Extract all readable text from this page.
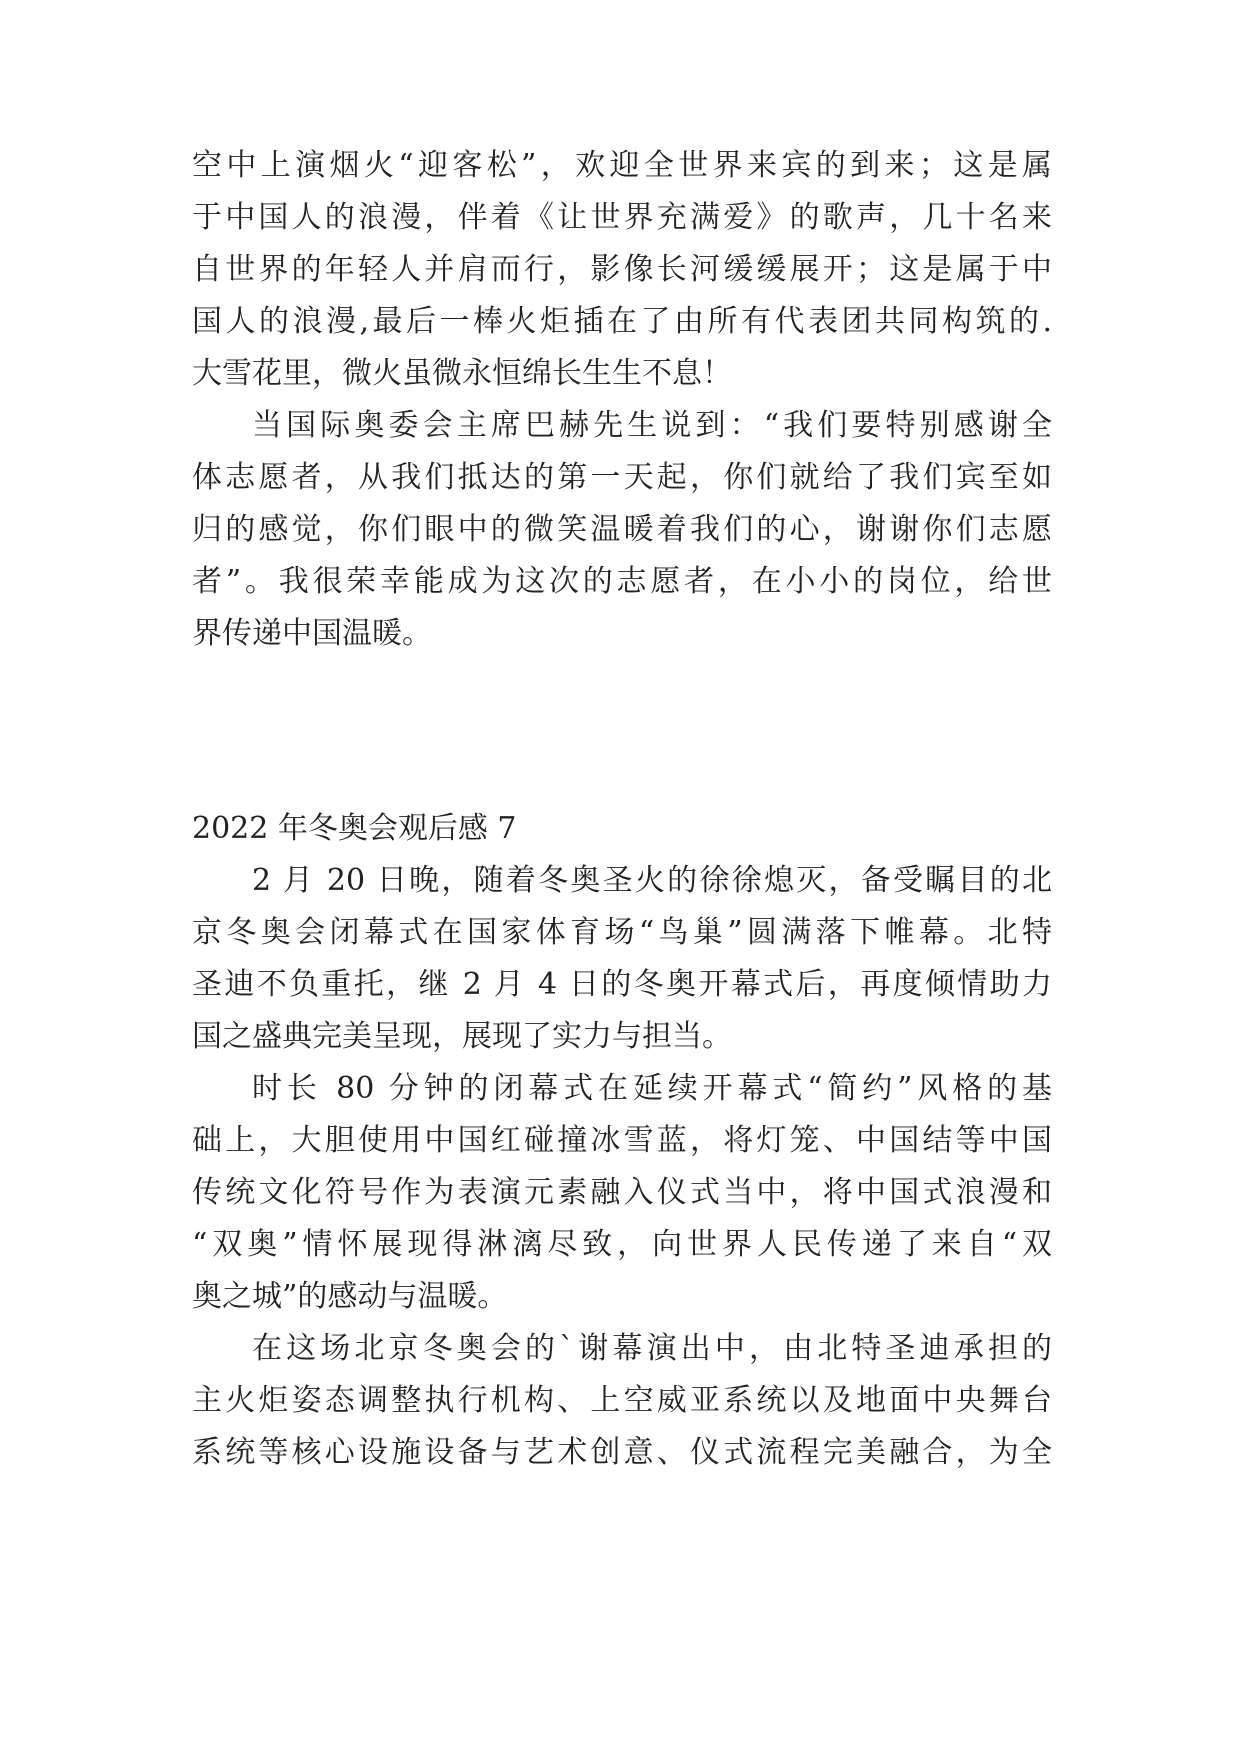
空中上演烟火“迎客松”，欢迎全世界来宾的到来；这是属
于中国人的浪漫，伴着《让世界充满爱》的歌声，几十名来
自世界的年轻人并肩而行，影像长河缓缓展开；这是属于中
国人的浪漫,最后一棒火炬插在了由所有代表团共同构筑的.
大雪花里，微火虽微永恒绵长生生不息！
当国际奥委会主席巴赫先生说到：“我们要特别感谢全
体志愿者，从我们抵达的第一天起，你们就给了我们宾至如
归的感觉，你们眼中的微笑温暖着我们的心，谢谢你们志愿
者”。我很荣幸能成为这次的志愿者，在小小的岗位，给世
界传递中国温暖。
2022 年冬奥会观后感 7
2 月 20 日晚，随着冬奥圣火的徐徐熄灭，备受瞩目的北
京冬奥会闭幕式在国家体育场“鸟巢”圆满落下帷幕。北特
圣迪不负重托，继 2 月 4 日的冬奥开幕式后，再度倾情助力
国之盛典完美呈现，展现了实力与担当。
时长 80 分钟的闭幕式在延续开幕式“简约”风格的基
础上，大胆使用中国红碰撞冰雪蓝，将灯笼、中国结等中国
传统文化符号作为表演元素融入仪式当中，将中国式浪漫和
“双奥”情怀展现得淋漓尽致，向世界人民传递了来自“双
奥之城”的感动与温暖。
在这场北京冬奥会的`谢幕演出中，由北特圣迪承担的
主火炬姿态调整执行机构、上空威亚系统以及地面中央舞台
系统等核心设施设备与艺术创意、仪式流程完美融合，为全
